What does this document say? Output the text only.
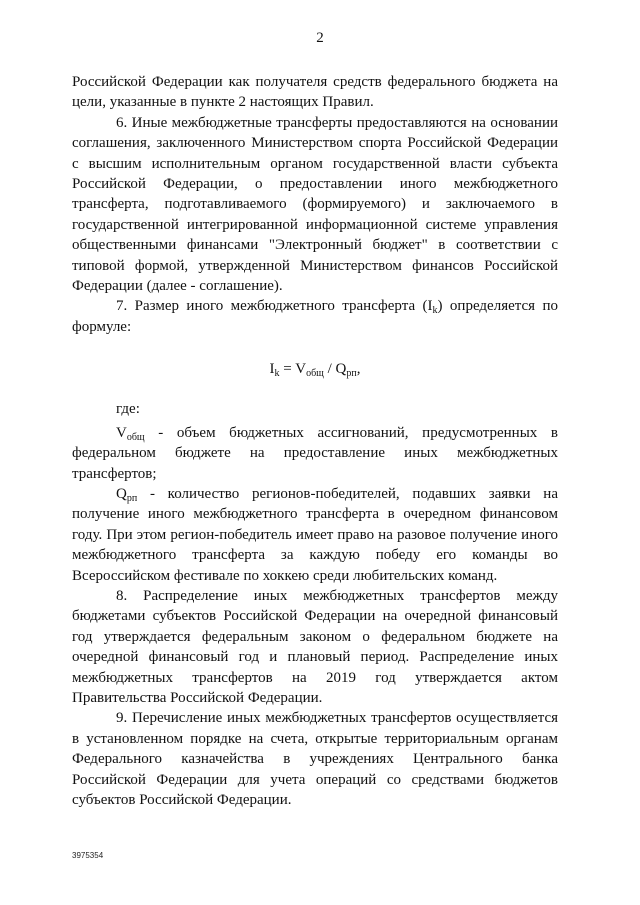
2

Российской Федерации как получателя средств федерального бюджета на цели, указанные в пункте 2 настоящих Правил.

6. Иные межбюджетные трансферты предоставляются на основании соглашения, заключенного Министерством спорта Российской Федерации с высшим исполнительным органом государственной власти субъекта Российской Федерации, о предоставлении иного межбюджетного трансферта, подготавливаемого (формируемого) и заключаемого в государственной интегрированной информационной системе управления общественными финансами "Электронный бюджет" в соответствии с типовой формой, утвержденной Министерством финансов Российской Федерации (далее - соглашение).

7. Размер иного межбюджетного трансферта $(I_k)$ определяется по формуле:

$I_k = V_{общ} / Q_{рп}$,

где:

$V_{общ}$ - объем бюджетных ассигнований, предусмотренных в федеральном бюджете на предоставление иных межбюджетных трансфертов;

$Q_{рп}$ - количество регионов-победителей, подавших заявки на получение иного межбюджетного трансферта в очередном финансовом году. При этом регион-победитель имеет право на разовое получение иного межбюджетного трансферта за каждую победу его команды во Всероссийском фестивале по хоккею среди любительских команд.

8. Распределение иных межбюджетных трансфертов между бюджетами субъектов Российской Федерации на очередной финансовый год утверждается федеральным законом о федеральном бюджете на очередной финансовый год и плановый период. Распределение иных межбюджетных трансфертов на 2019 год утверждается актом Правительства Российской Федерации.

9. Перечисление иных межбюджетных трансфертов осуществляется в установленном порядке на счета, открытые территориальным органам Федерального казначейства в учреждениях Центрального банка Российской Федерации для учета операций со средствами бюджетов субъектов Российской Федерации.

3975354
